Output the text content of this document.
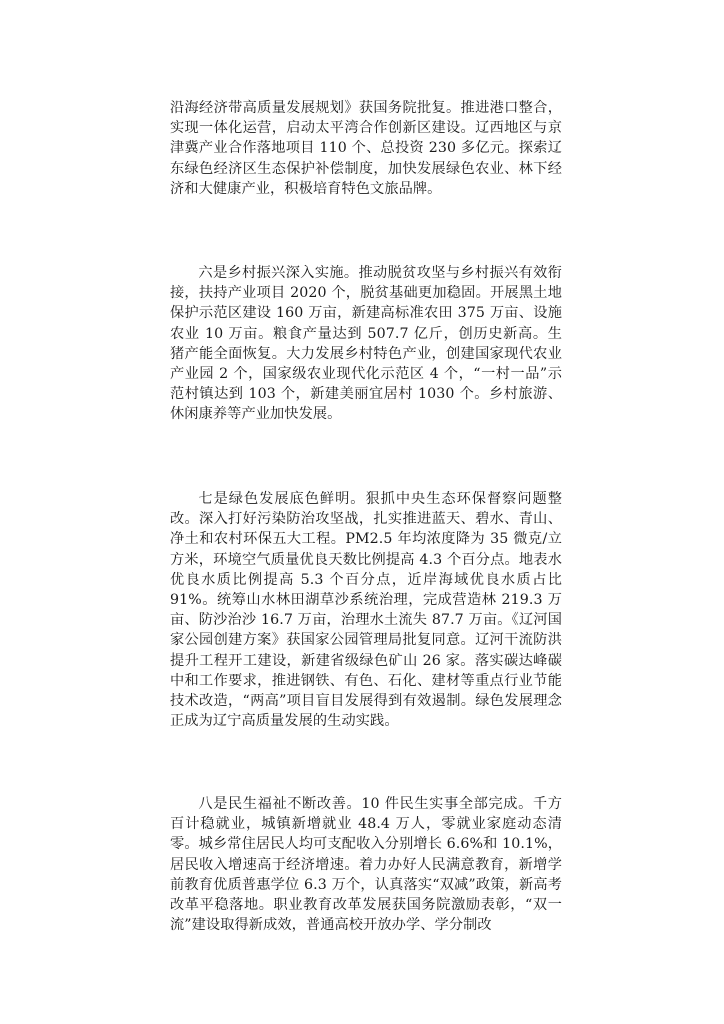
沿海经济带高质量发展规划》获国务院批复。推进港口整合，实现一体化运营，启动太平湾合作创新区建设。辽西地区与京津冀产业合作落地项目 110 个、总投资 230 多亿元。探索辽东绿色经济区生态保护补偿制度，加快发展绿色农业、林下经济和大健康产业，积极培育特色文旅品牌。

六是乡村振兴深入实施。推动脱贫攻坚与乡村振兴有效衔接，扶持产业项目 2020 个，脱贫基础更加稳固。开展黑土地保护示范区建设 160 万亩，新建高标准农田 375 万亩、设施农业 10 万亩。粮食产量达到 507.7 亿斤，创历史新高。生猪产能全面恢复。大力发展乡村特色产业，创建国家现代农业产业园 2 个，国家级农业现代化示范区 4 个，“一村一品”示范村镇达到 103 个，新建美丽宜居村 1030 个。乡村旅游、休闲康养等产业加快发展。

七是绿色发展底色鲜明。狠抓中央生态环保督察问题整改。深入打好污染防治攻坚战，扎实推进蓝天、碧水、青山、净土和农村环保五大工程。PM2.5 年均浓度降为 35 微克/立方米，环境空气质量优良天数比例提高 4.3 个百分点。地表水优良水质比例提高 5.3 个百分点，近岸海域优良水质占比 91%。统筹山水林田湖草沙系统治理，完成营造林 219.3 万亩、防沙治沙 16.7 万亩，治理水土流失 87.7 万亩。《辽河国家公园创建方案》获国家公园管理局批复同意。辽河干流防洪提升工程开工建设，新建省级绿色矿山 26 家。落实碳达峰碳中和工作要求，推进钢铁、有色、石化、建材等重点行业节能技术改造，“两高”项目盲目发展得到有效遏制。绿色发展理念正成为辽宁高质量发展的生动实践。

八是民生福祉不断改善。10 件民生实事全部完成。千方百计稳就业，城镇新增就业 48.4 万人，零就业家庭动态清零。城乡常住居民人均可支配收入分别增长 6.6%和 10.1%，居民收入增速高于经济增速。着力办好人民满意教育，新增学前教育优质普惠学位 6.3 万个，认真落实“双减”政策，新高考改革平稳落地。职业教育改革发展获国务院激励表彰，“双一流”建设取得新成效，普通高校开放办学、学分制改
